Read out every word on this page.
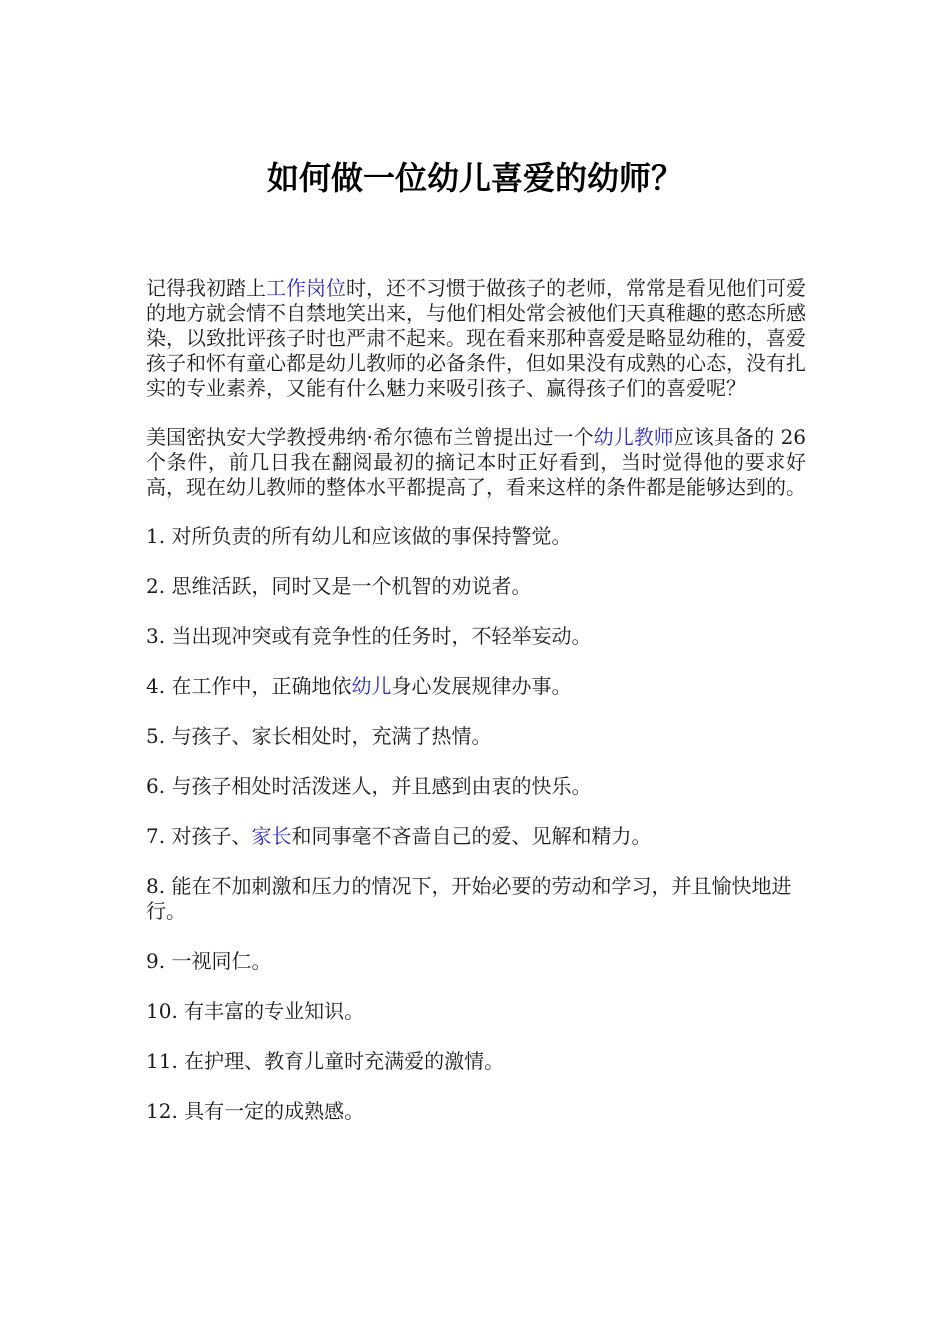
如何做一位幼儿喜爱的幼师？

记得我初踏上工作岗位时，还不习惯于做孩子的老师，常常是看见他们可爱的地方就会情不自禁地笑出来，与他们相处常会被他们天真稚趣的憨态所感染，以致批评孩子时也严肃不起来。现在看来那种喜爱是略显幼稚的，喜爱孩子和怀有童心都是幼儿教师的必备条件，但如果没有成熟的心态，没有扎实的专业素养，又能有什么魅力来吸引孩子、赢得孩子们的喜爱呢？

美国密执安大学教授弗纳·希尔德布兰曾提出过一个幼儿教师应该具备的 26 个条件，前几日我在翻阅最初的摘记本时正好看到，当时觉得他的要求好高，现在幼儿教师的整体水平都提高了，看来这样的条件都是能够达到的。

1. 对所负责的所有幼儿和应该做的事保持警觉。

2. 思维活跃，同时又是一个机智的劝说者。

3. 当出现冲突或有竞争性的任务时，不轻举妄动。

4. 在工作中，正确地依幼儿身心发展规律办事。

5. 与孩子、家长相处时，充满了热情。

6. 与孩子相处时活泼迷人，并且感到由衷的快乐。

7. 对孩子、家长和同事毫不吝啬自己的爱、见解和精力。

8. 能在不加刺激和压力的情况下，开始必要的劳动和学习，并且愉快地进行。

9. 一视同仁。

10. 有丰富的专业知识。

11. 在护理、教育儿童时充满爱的激情。

12. 具有一定的成熟感。
